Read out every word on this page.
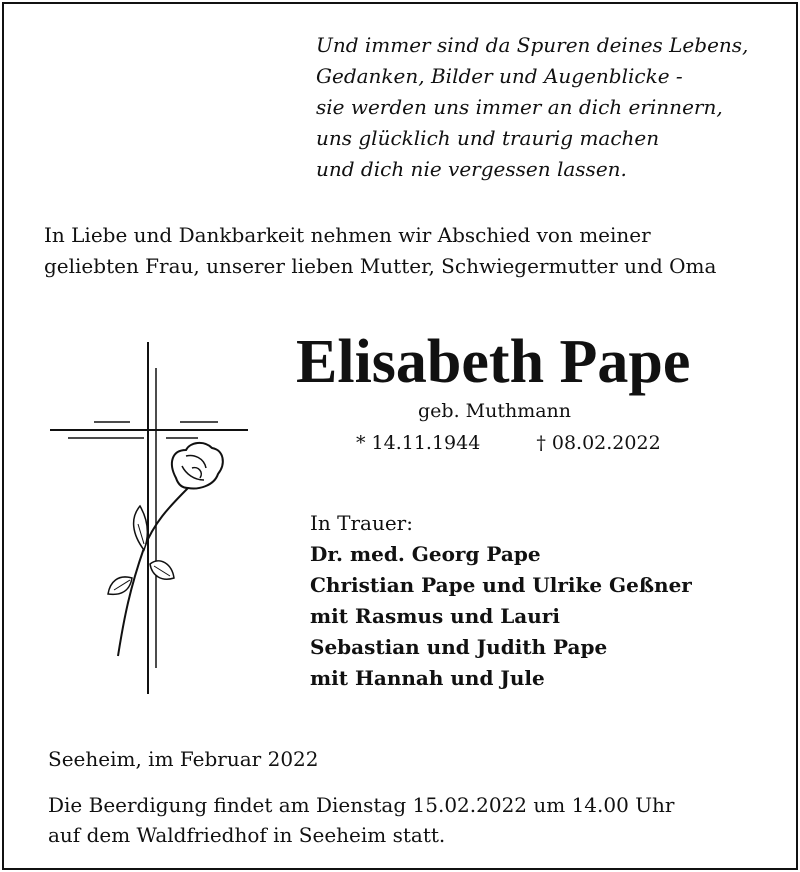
Und immer sind da Spuren deines Lebens,
Gedanken, Bilder und Augenblicke -
sie werden uns immer an dich erinnern,
uns glücklich und traurig machen
und dich nie vergessen lassen.
In Liebe und Dankbarkeit nehmen wir Abschied von meiner
geliebten Frau, unserer lieben Mutter, Schwiegermutter und Oma
Elisabeth Pape
geb. Muthmann
* 14.11.1944	† 08.02.2022
In Trauer:
Dr. med. Georg Pape
Christian Pape und Ulrike Geßner
mit Rasmus und Lauri
Sebastian und Judith Pape
mit Hannah und Jule
Seeheim, im Februar 2022
Die Beerdigung findet am Dienstag 15.02.2022 um 14.00 Uhr
auf dem Waldfriedhof in Seeheim statt.
